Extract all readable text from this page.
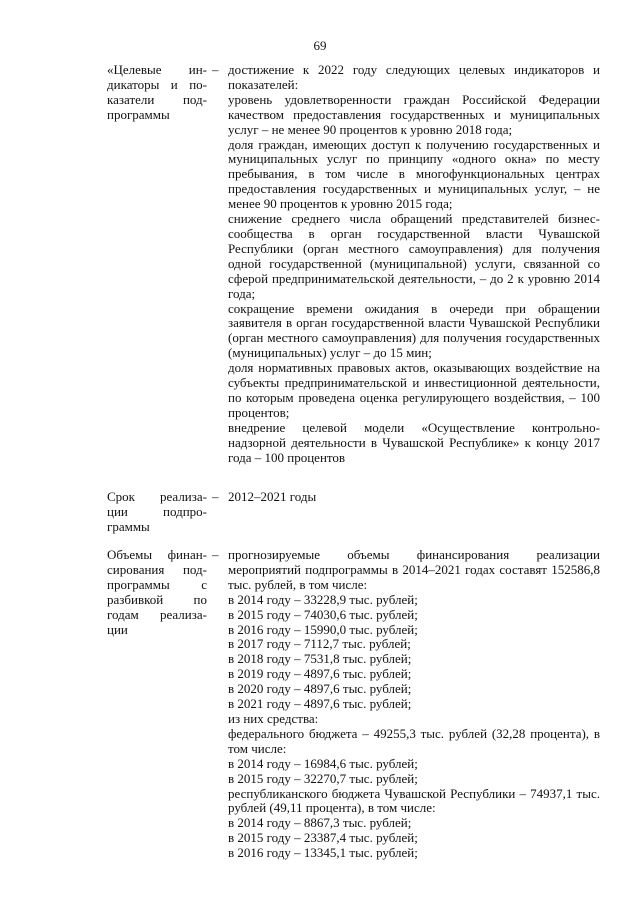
69
«Целевые ин-
дикаторы и по-
казатели под-
программы
– достижение к 2022 году следующих целевых индикаторов и показателей:

уровень удовлетворенности граждан Российской Федерации качеством предоставления государственных и муниципальных услуг – не менее 90 процентов к уровню 2018 года;

доля граждан, имеющих доступ к получению государственных и муниципальных услуг по принципу «одного окна» по месту пребывания, в том числе в многофункциональных центрах предоставления государственных и муниципальных услуг, – не менее 90 процентов к уровню 2015 года;

снижение среднего числа обращений представителей бизнес-сообщества в орган государственной власти Чувашской Республики (орган местного самоуправления) для получения одной государственной (муниципальной) услуги, связанной со сферой предпринимательской деятельности, – до 2 к уровню 2014 года;

сокращение времени ожидания в очереди при обращении заявителя в орган государственной власти Чувашской Республики (орган местного самоуправления) для получения государственных (муниципальных) услуг – до 15 мин;

доля нормативных правовых актов, оказывающих воздействие на субъекты предпринимательской и инвестиционной деятельности, по которым проведена оценка регулирующего воздействия, – 100 процентов;

внедрение целевой модели «Осуществление контрольно-надзорной деятельности в Чувашской Республике» к концу 2017 года – 100 процентов

Срок реализа-
ции подпро-
граммы
– 2012–2021 годы

Объемы финан-
сирования под-
программы с
разбивкой по
годам реализа-
ции
– прогнозируемые объемы финансирования реализации мероприятий подпрограммы в 2014–2021 годах составят 152586,8 тыс. рублей, в том числе:

в 2014 году – 33228,9 тыс. рублей;

в 2015 году – 74030,6 тыс. рублей;

в 2016 году – 15990,0 тыс. рублей;

в 2017 году – 7112,7 тыс. рублей;

в 2018 году – 7531,8 тыс. рублей;

в 2019 году – 4897,6 тыс. рублей;

в 2020 году – 4897,6 тыс. рублей;

в 2021 году – 4897,6 тыс. рублей;

из них средства:

федерального бюджета – 49255,3 тыс. рублей (32,28 процента), в том числе:

в 2014 году – 16984,6 тыс. рублей;

в 2015 году – 32270,7 тыс. рублей;

республиканского бюджета Чувашской Республики – 74937,1 тыс. рублей (49,11 процента), в том числе:

в 2014 году – 8867,3 тыс. рублей;

в 2015 году – 23387,4 тыс. рублей;

в 2016 году – 13345,1 тыс. рублей;
